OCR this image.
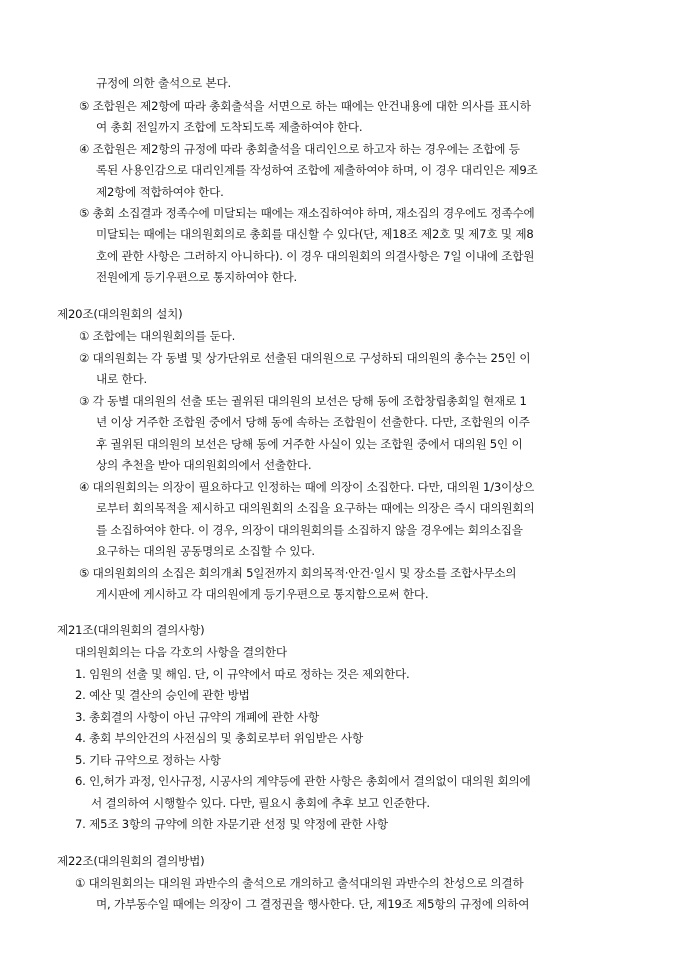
규정에 의한 출석으로 본다.
⑤ 조합원은 제2항에 따라 총회출석을 서면으로 하는 때에는 안건내용에 대한 의사를 표시하
여 총회 전일까지 조합에 도착되도록 제출하여야 한다.
④ 조합원은 제2항의 규정에 따라 총회출석을 대리인으로 하고자 하는 경우에는 조합에 등
록된 사용인감으로 대리인계를 작성하여 조합에 제출하여야 하며, 이 경우 대리인은 제9조
제2항에 적합하여야 한다.
⑤ 총회 소집결과 정족수에 미달되는 때에는 재소집하여야 하며, 재소집의 경우에도 정족수에
미달되는 때에는 대의원회의로 총회를 대신할 수 있다(단, 제18조 제2호 및 제7호 및 제8
호에 관한 사항은 그러하지 아니하다). 이 경우 대의원회의 의결사항은 7일 이내에 조합원
전원에게 등기우편으로 통지하여야 한다.
제20조(대의원회의 설치)
① 조합에는 대의원회의를 둔다.
② 대의원회는 각 동별 및 상가단위로 선출된 대의원으로 구성하되 대의원의 총수는 25인 이
내로 한다.
③ 각 동별 대의원의 선출 또는 궐위된 대의원의 보선은 당해 동에 조합창립총회일 현재로 1
년 이상 거주한 조합원 중에서 당해 동에 속하는 조합원이 선출한다. 다만, 조합원의 이주
후 궐위된 대의원의 보선은 당해 동에 거주한 사실이 있는 조합원 중에서 대의원 5인 이
상의 추천을 받아 대의원회의에서 선출한다.
④ 대의원회의는 의장이 필요하다고 인정하는 때에 의장이 소집한다. 다만, 대의원 1/3이상으
로부터 회의목적을 제시하고 대의원회의 소집을 요구하는 때에는 의장은 즉시 대의원회의
를 소집하여야 한다. 이 경우, 의장이 대의원회의를 소집하지 않을 경우에는 회의소집을
요구하는 대의원 공동명의로 소집할 수 있다.
⑤ 대의원회의의 소집은 회의개최 5일전까지 회의목적·안건·일시 및 장소를 조합사무소의
게시판에 게시하고 각 대의원에게 등기우편으로 통지함으로써 한다.
제21조(대의원회의 결의사항)
대의원회의는 다음 각호의 사항을 결의한다
1. 임원의 선출 및 해임. 단, 이 규약에서 따로 정하는 것은 제외한다.
2. 예산 및 결산의 승인에 관한 방법
3. 총회결의 사항이 아닌 규약의 개폐에 관한 사항
4. 총회 부의안건의 사전심의 및 총회로부터 위임받은 사항
5. 기타 규약으로 정하는 사항
6. 인,허가 과정, 인사규정, 시공사의 계약등에 관한 사항은 총회에서 결의없이 대의원 회의에
서 결의하여 시행할수 있다. 다만, 필요시 총회에 추후 보고 인준한다.
7. 제5조 3항의 규약에 의한 자문기관 선정 및 약정에 관한 사항
제22조(대의원회의 결의방법)
① 대의원회의는 대의원 과반수의 출석으로 개의하고 출석대의원 과반수의 찬성으로 의결하
며, 가부동수일 때에는 의장이 그 결정권을 행사한다. 단, 제19조 제5항의 규정에 의하여
